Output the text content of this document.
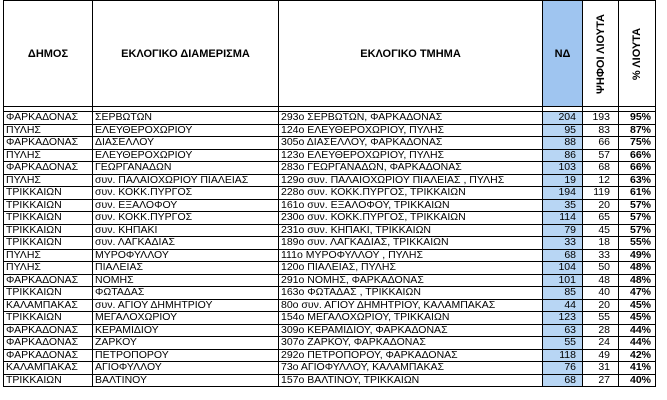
ΔΗΜΟΣ	ΕΚΛΟΓΙΚΟ ΔΙΑΜΕΡΙΣΜΑ	ΕΚΛΟΓΙΚΟ ΤΜΗΜΑ	ΝΔ	ΨΗΦΟΙ ΛΙΟΥΤΑ	% ΛΙΟΥΤΑ

ΦΑΡΚΑΔΟΝΑΣ	ΣΕΡΒΩΤΩΝ	293ο ΣΕΡΒΩΤΩΝ, ΦΑΡΚΑΔΟΝΑΣ	204	193	95%
ΠΥΛΗΣ	ΕΛΕΥΘΕΡΟΧΩΡΙΟΥ	124ο ΕΛΕΥΘΕΡΟΧΩΡΙΟΥ, ΠΥΛΗΣ	95	83	87%
ΦΑΡΚΑΔΟΝΑΣ	ΔΙΑΣΕΛΛΟΥ	305ο ΔΙΑΣΕΛΛΟΥ, ΦΑΡΚΑΔΟΝΑΣ	88	66	75%
ΠΥΛΗΣ	ΕΛΕΥΘΕΡΟΧΩΡΙΟΥ	123ο ΕΛΕΥΘΕΡΟΧΩΡΙΟΥ, ΠΥΛΗΣ	86	57	66%
ΦΑΡΚΑΔΟΝΑΣ	ΓΕΩΡΓΑΝΑΔΩΝ	283ο ΓΕΩΡΓΑΝΑΔΩΝ, ΦΑΡΚΑΔΟΝΑΣ	103	68	66%
ΠΥΛΗΣ	συν. ΠΑΛΑΙΟΧΩΡΙΟΥ ΠΙΑΛΕΙΑΣ	129ο συν. ΠΑΛΑΙΟΧΩΡΙΟΥ ΠΙΑΛΕΙΑΣ , ΠΥΛΗΣ	19	12	63%
ΤΡΙΚΚΑΙΩΝ	συν. ΚΟΚΚ.ΠΥΡΓΟΣ	228ο συν. ΚΟΚΚ.ΠΥΡΓΟΣ, ΤΡΙΚΚΑΙΩΝ	194	119	61%
ΤΡΙΚΚΑΙΩΝ	συν. ΕΞΑΛΟΦΟΥ	161ο συν. ΕΞΑΛΟΦΟΥ, ΤΡΙΚΚΑΙΩΝ	35	20	57%
ΤΡΙΚΚΑΙΩΝ	συν. ΚΟΚΚ.ΠΥΡΓΟΣ	230ο συν. ΚΟΚΚ.ΠΥΡΓΟΣ, ΤΡΙΚΚΑΙΩΝ	114	65	57%
ΤΡΙΚΚΑΙΩΝ	συν. ΚΗΠΑΚΙ	231ο συν. ΚΗΠΑΚΙ, ΤΡΙΚΚΑΙΩΝ	79	45	57%
ΤΡΙΚΚΑΙΩΝ	συν. ΛΑΓΚΑΔΙΑΣ	189ο συν. ΛΑΓΚΑΔΙΑΣ, ΤΡΙΚΚΑΙΩΝ	33	18	55%
ΠΥΛΗΣ	ΜΥΡΟΦΥΛΛΟΥ	111ο ΜΥΡΟΦΥΛΛΟΥ , ΠΥΛΗΣ	68	33	49%
ΠΥΛΗΣ	ΠΙΑΛΕΙΑΣ	120ο ΠΙΑΛΕΙΑΣ, ΠΥΛΗΣ	104	50	48%
ΦΑΡΚΑΔΟΝΑΣ	ΝΟΜΗΣ	291ο ΝΟΜΗΣ, ΦΑΡΚΑΔΟΝΑΣ	101	48	48%
ΤΡΙΚΚΑΙΩΝ	ΦΩΤΑΔΑΣ	163ο ΦΩΤΑΔΑΣ , ΤΡΙΚΚΑΙΩΝ	85	40	47%
ΚΑΛΑΜΠΑΚΑΣ	συν. ΑΓΙΟΥ ΔΗΜΗΤΡΙΟΥ	80ο συν. ΑΓΙΟΥ ΔΗΜΗΤΡΙΟΥ, ΚΑΛΑΜΠΑΚΑΣ	44	20	45%
ΤΡΙΚΚΑΙΩΝ	ΜΕΓΑΛΟΧΩΡΙΟΥ	154ο ΜΕΓΑΛΟΧΩΡΙΟΥ, ΤΡΙΚΚΑΙΩΝ	123	55	45%
ΦΑΡΚΑΔΟΝΑΣ	ΚΕΡΑΜΙΔΙΟΥ	309ο ΚΕΡΑΜΙΔΙΟΥ, ΦΑΡΚΑΔΟΝΑΣ	63	28	44%
ΦΑΡΚΑΔΟΝΑΣ	ΖΑΡΚΟΥ	307ο ΖΑΡΚΟΥ, ΦΑΡΚΑΔΟΝΑΣ	55	24	44%
ΦΑΡΚΑΔΟΝΑΣ	ΠΕΤΡΟΠΟΡΟΥ	292ο ΠΕΤΡΟΠΟΡΟΥ, ΦΑΡΚΑΔΟΝΑΣ	118	49	42%
ΚΑΛΑΜΠΑΚΑΣ	ΑΓΙΟΦΥΛΛΟΥ	73ο ΑΓΙΟΦΥΛΛΟΥ, ΚΑΛΑΜΠΑΚΑΣ	76	31	41%
ΤΡΙΚΚΑΙΩΝ	ΒΑΛΤΙΝΟΥ	157ο ΒΑΛΤΙΝΟΥ, ΤΡΙΚΚΑΙΩΝ	68	27	40%
